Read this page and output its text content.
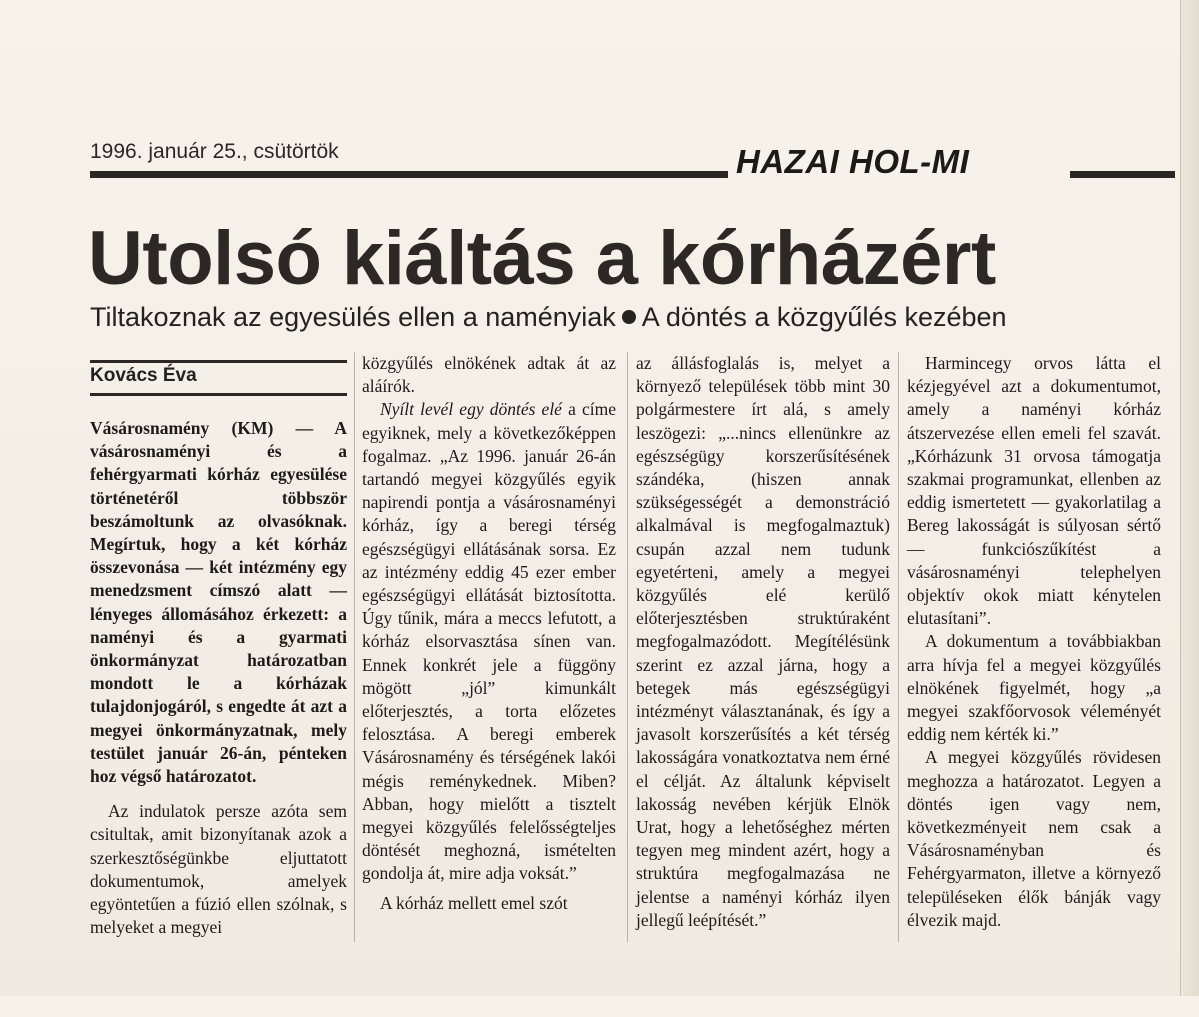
1996. január 25., csütörtök	HAZAI HOL-MI
Utolsó kiáltás a kórházért
Tiltakoznak az egyesülés ellen a naményiak A döntés a közgyűlés kezében
Kovács Éva

Vásárosnamény (KM) — A vásárosnaményi és a fehérgyarmati kórház egyesülése történetéről többször beszámoltunk az olvasóknak. Megírtuk, hogy a két kórház összevonása — két intézmény egy menedzsment címszó alatt — lényeges állomásához érkezett: a naményi és a gyarmati önkormányzat határozatban mondott le a kórházak tulajdonjogáról, s engedte át azt a megyei önkormányzatnak, mely testület január 26-án, pénteken hoz végső határozatot.

Az indulatok persze azóta sem csitultak, amit bizonyítanak azok a szerkesztőségünkbe eljuttatott dokumentumok, amelyek egyöntetűen a fúzió ellen szólnak, s melyeket a megyei

közgyűlés elnökének adtak át az aláírók.

Nyílt levél egy döntés elé a címe egyiknek, mely a következőképpen fogalmaz. „Az 1996. január 26-án tartandó megyei közgyűlés egyik napirendi pontja a vásárosnaményi kórház, így a beregi térség egészségügyi ellátásának sorsa. Ez az intézmény eddig 45 ezer ember egészségügyi ellátását biztosította. Úgy tűnik, mára a meccs lefutott, a kórház elsorvasztása sínen van. Ennek konkrét jele a függöny mögött „jól” kimunkált előterjesztés, a torta előzetes felosztása. A beregi emberek Vásárosnamény és térségének lakói mégis reménykednek. Miben? Abban, hogy mielőtt a tisztelt megyei közgyűlés felelősségteljes döntését meghozná, ismételten gondolja át, mire adja voksát.”

A kórház mellett emel szót

az állásfoglalás is, melyet a környező települések több mint 30 polgármestere írt alá, s amely leszögezi: „...nincs ellenünkre az egészségügy korszerűsítésének szándéka, (hiszen annak szükségességét a demonstráció alkalmával is megfogalmaztuk) csupán azzal nem tudunk egyetérteni, amely a megyei közgyűlés elé kerülő előterjesztésben struktúraként megfogalmazódott. Megítélésünk szerint ez azzal járna, hogy a betegek más egészségügyi intézményt választanának, és így a javasolt korszerűsítés a két térség lakosságára vonatkoztatva nem érné el célját. Az általunk képviselt lakosság nevében kérjük Elnök Urat, hogy a lehetőséghez mérten tegyen meg mindent azért, hogy a struktúra megfogalmazása ne jelentse a naményi kórház ilyen jellegű leépítését.”

Harmincegy orvos látta el kézjegyével azt a dokumentumot, amely a naményi kórház átszervezése ellen emeli fel szavát. „Kórházunk 31 orvosa támogatja szakmai programunkat, ellenben az eddig ismertetett — gyakorlatilag a Bereg lakosságát is súlyosan sértő — funkciószűkítést a vásárosnaményi telephelyen objektív okok miatt kénytelen elutasítani”.

A dokumentum a továbbiakban arra hívja fel a megyei közgyűlés elnökének figyelmét, hogy „a megyei szakfőorvosok véleményét eddig nem kérték ki.”

A megyei közgyűlés rövidesen meghozza a határozatot. Legyen a döntés igen vagy nem, következményeit nem csak a Vásárosnaményban és Fehérgyarmaton, illetve a környező településeken élők bánják vagy élvezik majd.
